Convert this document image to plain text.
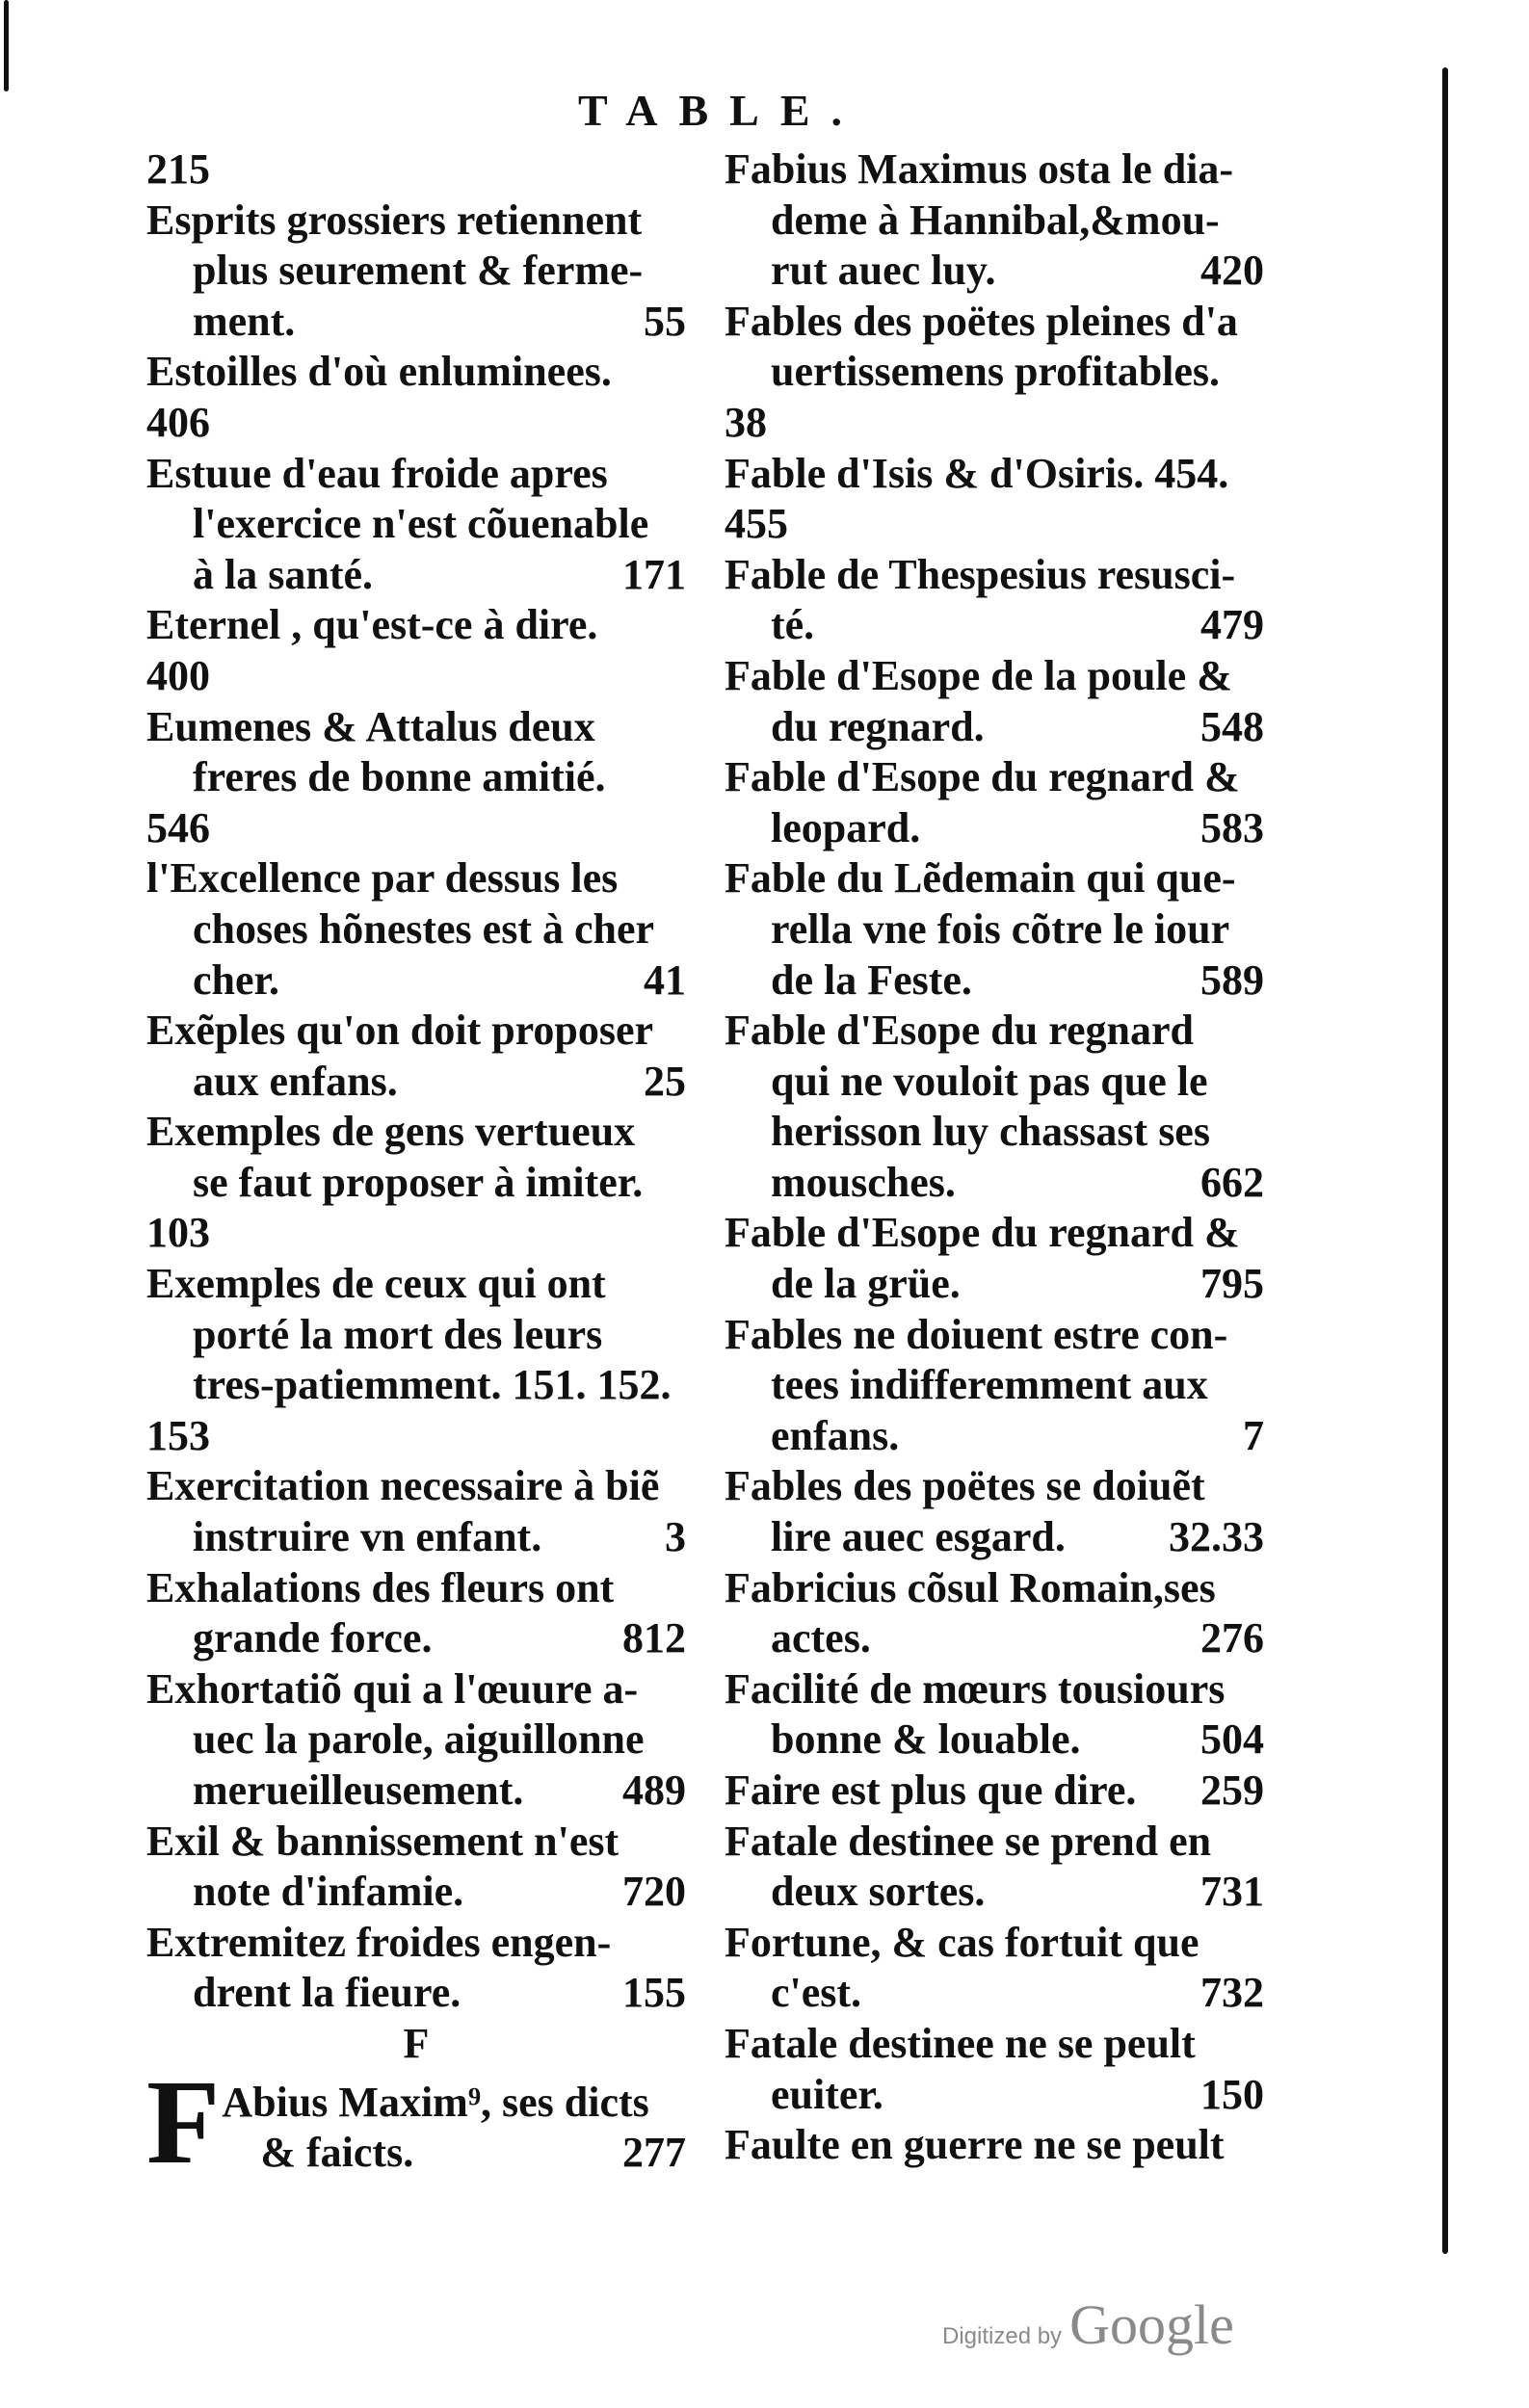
TABLE.
215
Esprits grossiers retiennent
plus seurement & ferme-
ment.	55
Estoilles d'où enluminees.
406
Estuue d'eau froide apres
l'exercice n'est cõuenable
à la santé.	171
Eternel , qu'est-ce à dire.
400
Eumenes & Attalus deux
freres de bonne amitié.
546
l'Excellence par dessus les
choses hõnestes est à cher
cher.	41
Exẽples qu'on doit proposer
aux enfans.	25
Exemples de gens vertueux
se faut proposer à imiter.
103
Exemples de ceux qui ont
porté la mort des leurs
tres-patiemment. 151. 152.
153
Exercitation necessaire à biẽ
instruire vn enfant.	3
Exhalations des fleurs ont
grande force.	812
Exhortatiõ qui a l'œuure a-
uec la parole, aiguillonne
merueilleusement. 489
Exil & bannissement n'est
note d'infamie.	720
Extremitez froides engen-
drent la fieure.	155
F
F Abius Maxim⁹, ses dicts
& faicts.	277
Fabius Maximus osta le dia-
deme à Hannibal,&mou-
rut auec luy.	420
Fables des poëtes pleines d'a
uertissemens profitables.
38
Fable d'Isis & d'Osiris. 454.
455
Fable de Thespesius resusci-
té.	479
Fable d'Esope de la poule &
du regnard.	548
Fable d'Esope du regnard &
leopard.	583
Fable du Lẽdemain qui que-
rella vne fois cõtre le iour
de la Feste.	589
Fable d'Esope du regnard
qui ne vouloit pas que le
herisson luy chassast ses
mousches.	662
Fable d'Esope du regnard &
de la grüe.	795
Fables ne doiuent estre con-
tees indifferemment aux
enfans.	7
Fables des poëtes se doiuẽt
lire auec esgard. 32.33
Fabricius cõsul Romain,ses
actes.	276
Facilité de mœurs tousiours
bonne & louable.	504
Faire est plus que dire. 259
Fatale destinee se prend en
deux sortes.	731
Fortune, & cas fortuit que
c'est.	732
Fatale destinee ne se peult
euiter.	150
Faulte en guerre ne se peult
Digitized by Google
